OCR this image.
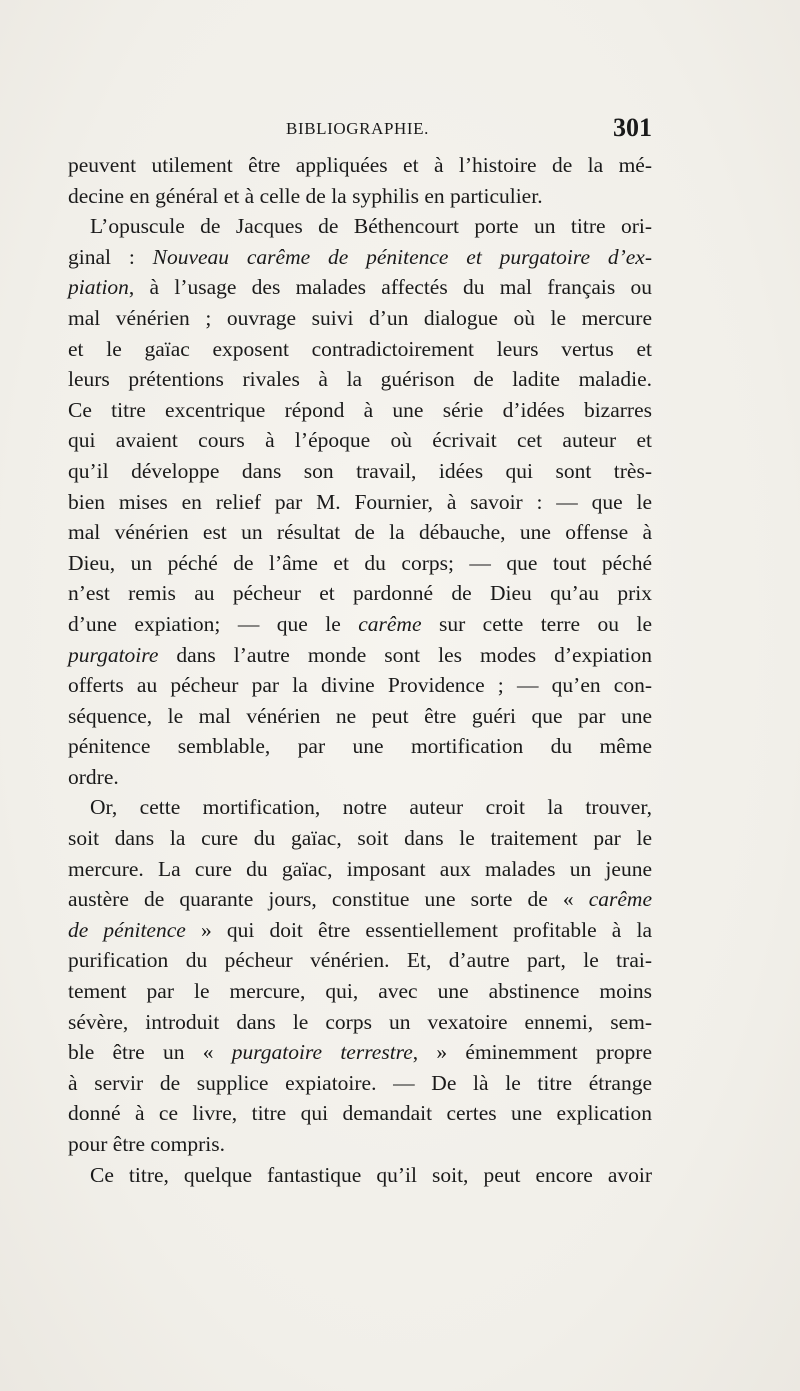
BIBLIOGRAPHIE.	301
peuvent utilement être appliquées et à l’histoire de la mé-
decine en général et à celle de la syphilis en particulier.
L’opuscule de Jacques de Béthencourt porte un titre ori-
ginal : Nouveau carême de pénitence et purgatoire d’ex-
piation, à l’usage des malades affectés du mal français ou
mal vénérien ; ouvrage suivi d’un dialogue où le mercure
et le gaïac exposent contradictoirement leurs vertus et
leurs prétentions rivales à la guérison de ladite maladie.
Ce titre excentrique répond à une série d’idées bizarres
qui avaient cours à l’époque où écrivait cet auteur et
qu’il développe dans son travail, idées qui sont très-
bien mises en relief par M. Fournier, à savoir : — que le
mal vénérien est un résultat de la débauche, une offense à
Dieu, un péché de l’âme et du corps; — que tout péché
n’est remis au pécheur et pardonné de Dieu qu’au prix
d’une expiation; — que le carême sur cette terre ou le
purgatoire dans l’autre monde sont les modes d’expiation
offerts au pécheur par la divine Providence ; — qu’en con-
séquence, le mal vénérien ne peut être guéri que par une
pénitence semblable, par une mortification du même
ordre.
Or, cette mortification, notre auteur croit la trouver,
soit dans la cure du gaïac, soit dans le traitement par le
mercure. La cure du gaïac, imposant aux malades un jeune
austère de quarante jours, constitue une sorte de « carême
de pénitence » qui doit être essentiellement profitable à la
purification du pécheur vénérien. Et, d’autre part, le trai-
tement par le mercure, qui, avec une abstinence moins
sévère, introduit dans le corps un vexatoire ennemi, sem-
ble être un « purgatoire terrestre, » éminemment propre
à servir de supplice expiatoire. — De là le titre étrange
donné à ce livre, titre qui demandait certes une explication
pour être compris.
Ce titre, quelque fantastique qu’il soit, peut encore avoir
